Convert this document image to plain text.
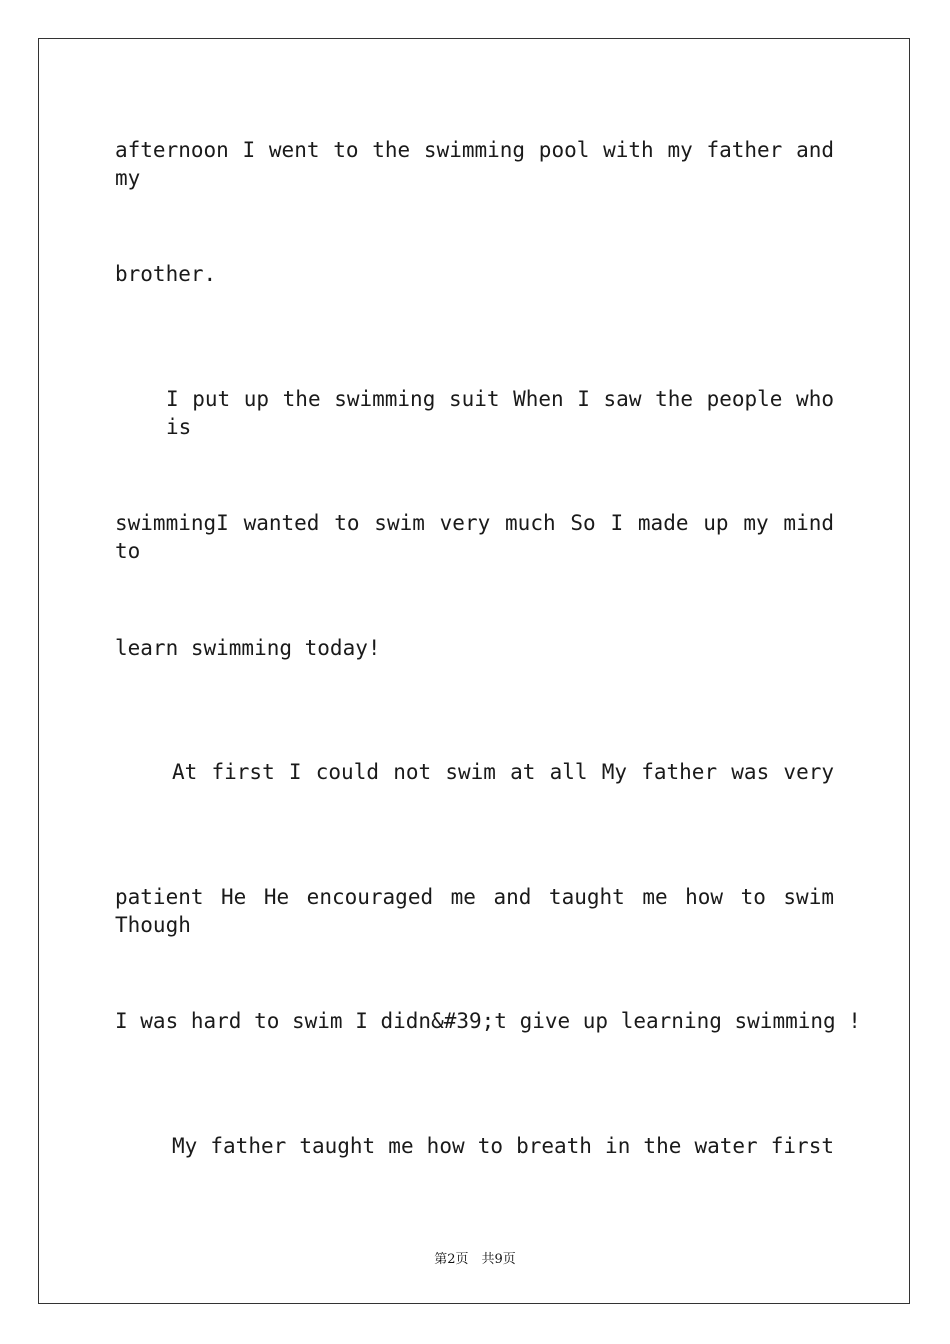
afternoon I went to the swimming pool with my father and my

brother.

I put up the swimming suit When I saw the people who is

swimmingI wanted to swim very much So I made up my mind to

learn swimming today!

At first I could not swim at all My father was very

patient He He encouraged me and taught me how to swim Though

I was hard to swim I didn&#39;t give up learning swimming !

My father taught me how to breath in the water first

第2页　共9页
